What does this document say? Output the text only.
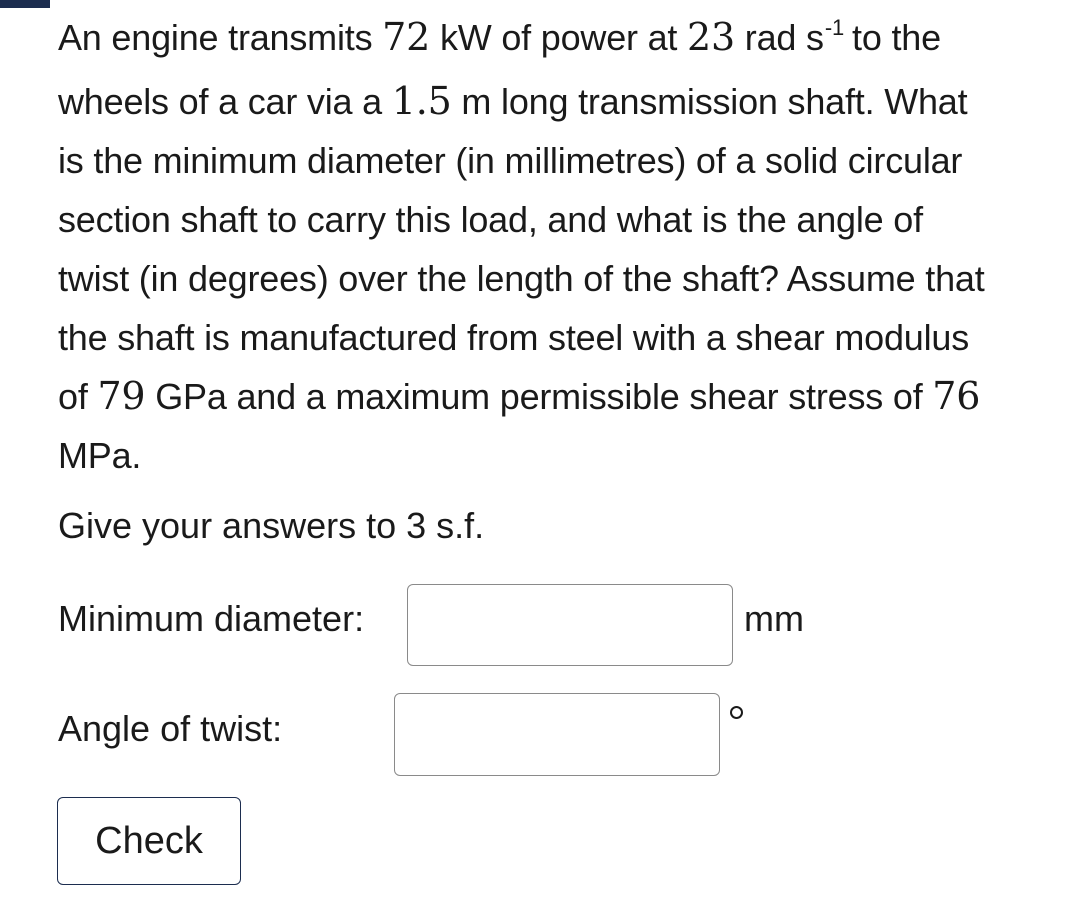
An engine transmits 72 kW of power at 23 rad $s^{-1}$ to the wheels of a car via a 1.5 m long transmission shaft. What is the minimum diameter (in millimetres) of a solid circular section shaft to carry this load, and what is the angle of twist (in degrees) over the length of the shaft? Assume that the shaft is manufactured from steel with a shear modulus of 79 GPa and a maximum permissible shear stress of 76 MPa.

Give your answers to 3 s.f.

Minimum diameter:	mm

Angle of twist:

Check
